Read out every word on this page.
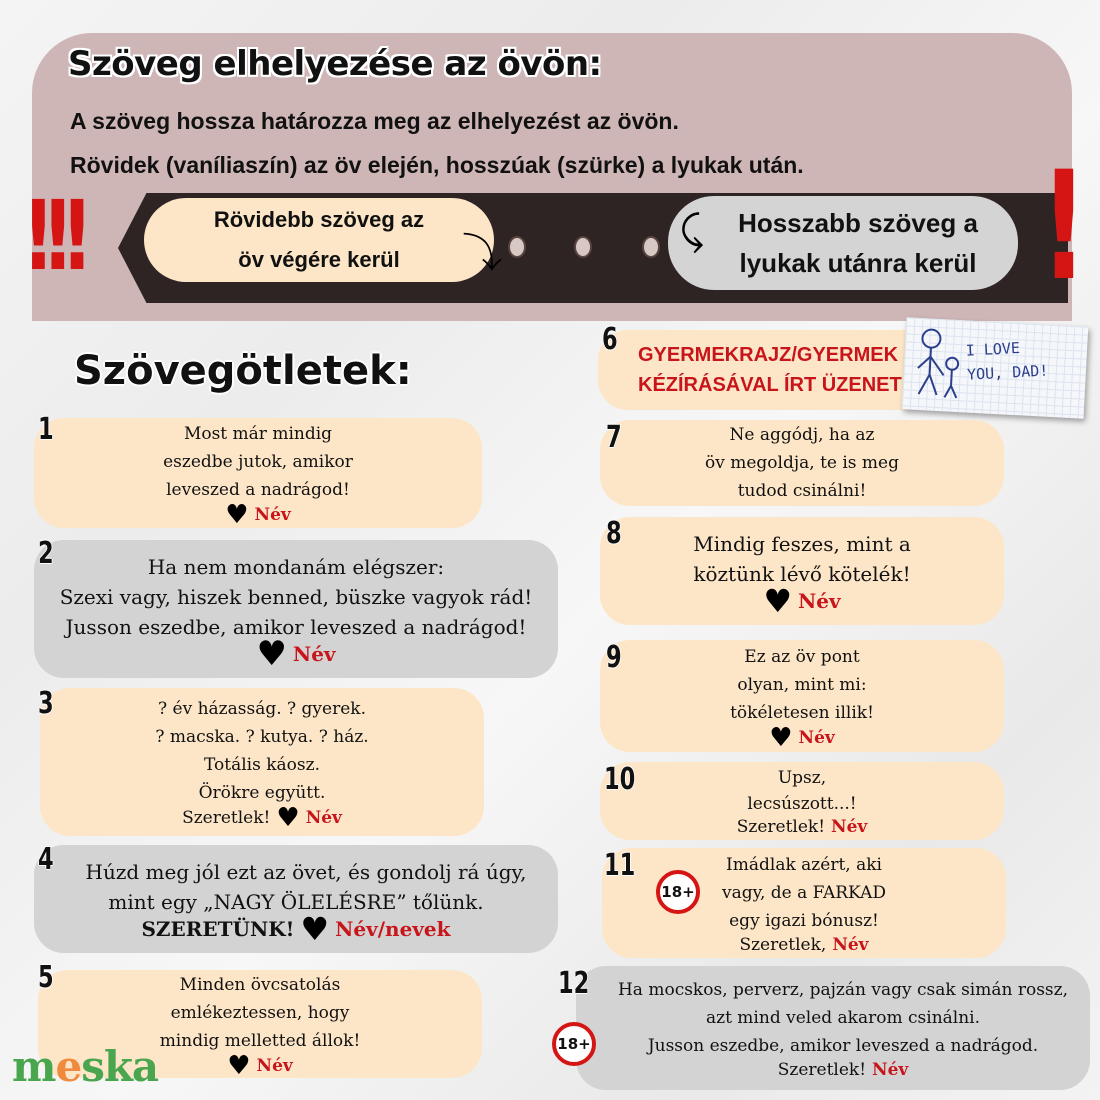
Szöveg elhelyezése az övön:
A szöveg hossza határozza meg az elhelyezést az övön.
Rövidek (vaníliaszín) az öv elején, hosszúak (szürke) a lyukak után.
Rövidebb szöveg az
öv végére kerül ⤵
Hosszabb szöveg a
lyukak utánra kerül
⤹
!!!	!
Szövegötletek:
Most már mindig
eszedbe jutok, amikor
leveszed a nadrágod!
♥ Név
1
Ha nem mondanám elégszer:
Szexi vagy, hiszek benned, büszke vagyok rád!
Jusson eszedbe, amikor leveszed a nadrágod!
♥ Név
2
? év házasság. ? gyerek.
? macska. ? kutya. ? ház.
Totális káosz.
Örökre együtt.
Szeretlek! ♥ Név
3
Húzd meg jól ezt az övet, és gondolj rá úgy,
mint egy „NAGY ÖLELÉSRE” tőlünk.
SZERETÜNK! ♥ Név/nevek
4
Minden övcsatolás
emlékeztessen, hogy
mindig melletted állok!
♥ Név
5
GYERMEKRAJZ/GYERMEK
KÉZÍRÁSÁVAL ÍRT ÜZENET
6	I LOVE
YOU, DAD!
Ne aggódj, ha az
öv megoldja, te is meg
tudod csinálni!
7
Mindig feszes, mint a
köztünk lévő kötelék!
♥ Név
8
Ez az öv pont
olyan, mint mi:
tökéletesen illik!
♥ Név
9
Upsz,
lecsúszott...!
Szeretlek! Név
10
Imádlak azért, aki
vagy, de a FARKAD
egy igazi bónusz!
Szeretlek, Név
11
18+
Ha mocskos, perverz, pajzán vagy csak simán rossz,
azt mind veled akarom csinálni.
Jusson eszedbe, amikor leveszed a nadrágod.
Szeretlek! Név
12
18+
meska
